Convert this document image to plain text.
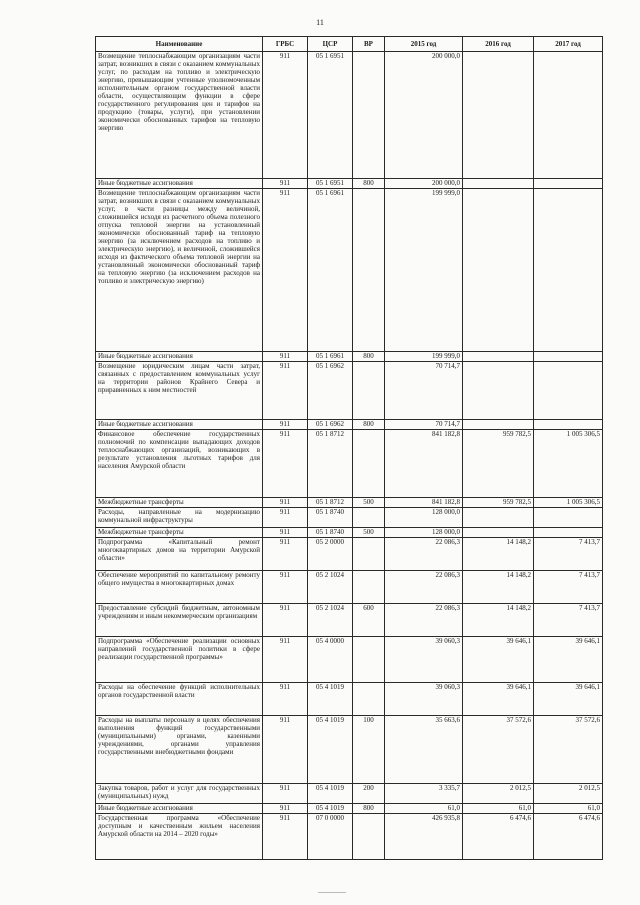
11
Наименование	ГРБС	ЦСР	ВР	2015 год	2016 год	2017 год
Возмещение теплоснабжающим организациям части затрат, возникших в связи с оказанием коммунальных услуг, по расходам на топливо и электрическую энергию, превышающим учтенные уполномоченным исполнительным органом государственной власти области, осуществляющим функции в сфере государственного регулирования цен и тарифов на продукцию (товары, услуги), при установлении экономически обоснованных тарифов на тепловую энергию	911	05 1 6951		200 000,0		
Иные бюджетные ассигнования	911	05 1 6951	800	200 000,0		
Возмещение теплоснабжающим организациям части затрат, возникших в связи с оказанием коммунальных услуг, в части разницы между величиной, сложившейся исходя из расчетного объема полезного отпуска тепловой энергии на установленный экономически обоснованный тариф на тепловую энергию (за исключением расходов на топливо и электрическую энергию), и величиной, сложившейся исходя из фактического объема тепловой энергии на установленный экономически обоснованный тариф на тепловую энергию (за исключением расходов на топливо и электрическую энергию)	911	05 1 6961		199 999,0		
Иные бюджетные ассигнования	911	05 1 6961	800	199 999,0		
Возмещение юридическим лицам части затрат, связанных с предоставлением коммунальных услуг на территории районов Крайнего Севера и приравненных к ним местностей	911	05 1 6962		70 714,7		
Иные бюджетные ассигнования	911	05 1 6962	800	70 714,7		
Финансовое обеспечение государственных полномочий по компенсации выпадающих доходов теплоснабжающих организаций, возникающих в результате установления льготных тарифов для населения Амурской области	911	05 1 8712		841 182,8	959 782,5	1 005 306,5
Межбюджетные трансферты	911	05 1 8712	500	841 182,8	959 782,5	1 005 306,5
Расходы, направленные на модернизацию коммунальной инфраструктуры	911	05 1 8740		128 000,0		
Межбюджетные трансферты	911	05 1 8740	500	128 000,0		
Подпрограмма «Капитальный ремонт многоквартирных домов на территории Амурской области»	911	05 2 0000		22 086,3	14 148,2	7 413,7
Обеспечение мероприятий по капитальному ремонту общего имущества в многоквартирных домах	911	05 2 1024		22 086,3	14 148,2	7 413,7
Предоставление субсидий бюджетным, автономным учреждениям и иным некоммерческим организациям	911	05 2 1024	600	22 086,3	14 148,2	7 413,7
Подпрограмма «Обеспечение реализации основных направлений государственной политики в сфере реализации государственной программы»	911	05 4 0000		39 060,3	39 646,1	39 646,1
Расходы на обеспечение функций исполнительных органов государственной власти	911	05 4 1019		39 060,3	39 646,1	39 646,1
Расходы на выплаты персоналу в целях обеспечения выполнения функций государственными (муниципальными) органами, казенными учреждениями, органами управления государственными внебюджетными фондами	911	05 4 1019	100	35 663,6	37 572,6	37 572,6
Закупка товаров, работ и услуг для государственных (муниципальных) нужд	911	05 4 1019	200	3 335,7	2 012,5	2 012,5
Иные бюджетные ассигнования	911	05 4 1019	800	61,0	61,0	61,0
Государственная программа «Обеспечение доступным и качественным жильем населения Амурской области на 2014 – 2020 годы»	911	07 0 0000		426 935,8	6 474,6	6 474,6
